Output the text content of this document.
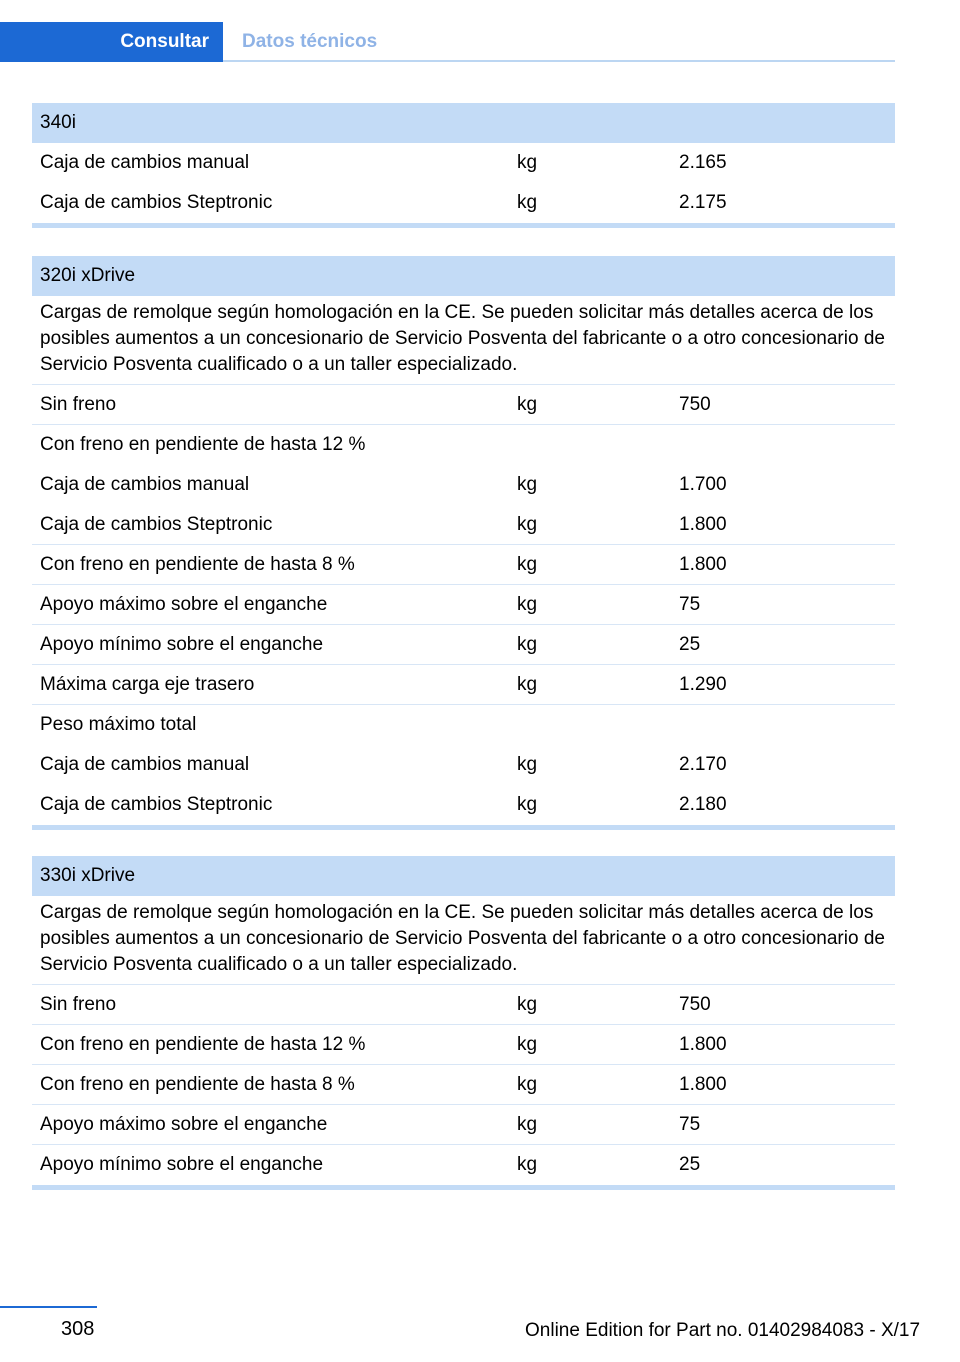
Consultar	Datos técnicos
340i
Caja de cambios manual	kg	2.165
Caja de cambios Steptronic	kg	2.175
320i xDrive
Cargas de remolque según homologación en la CE. Se pueden solicitar más detalles acerca de los posibles aumentos a un concesionario de Servicio Posventa del fabricante o a otro concesionario de Servicio Posventa cualificado o a un taller especializado.
Sin freno	kg	750
Con freno en pendiente de hasta 12 %
Caja de cambios manual	kg	1.700
Caja de cambios Steptronic	kg	1.800
Con freno en pendiente de hasta 8 %	kg	1.800
Apoyo máximo sobre el enganche	kg	75
Apoyo mínimo sobre el enganche	kg	25
Máxima carga eje trasero	kg	1.290
Peso máximo total
Caja de cambios manual	kg	2.170
Caja de cambios Steptronic	kg	2.180
330i xDrive
Cargas de remolque según homologación en la CE. Se pueden solicitar más detalles acerca de los posibles aumentos a un concesionario de Servicio Posventa del fabricante o a otro concesionario de Servicio Posventa cualificado o a un taller especializado.
Sin freno	kg	750
Con freno en pendiente de hasta 12 %	kg	1.800
Con freno en pendiente de hasta 8 %	kg	1.800
Apoyo máximo sobre el enganche	kg	75
Apoyo mínimo sobre el enganche	kg	25
308	Online Edition for Part no. 01402984083 - X/17
